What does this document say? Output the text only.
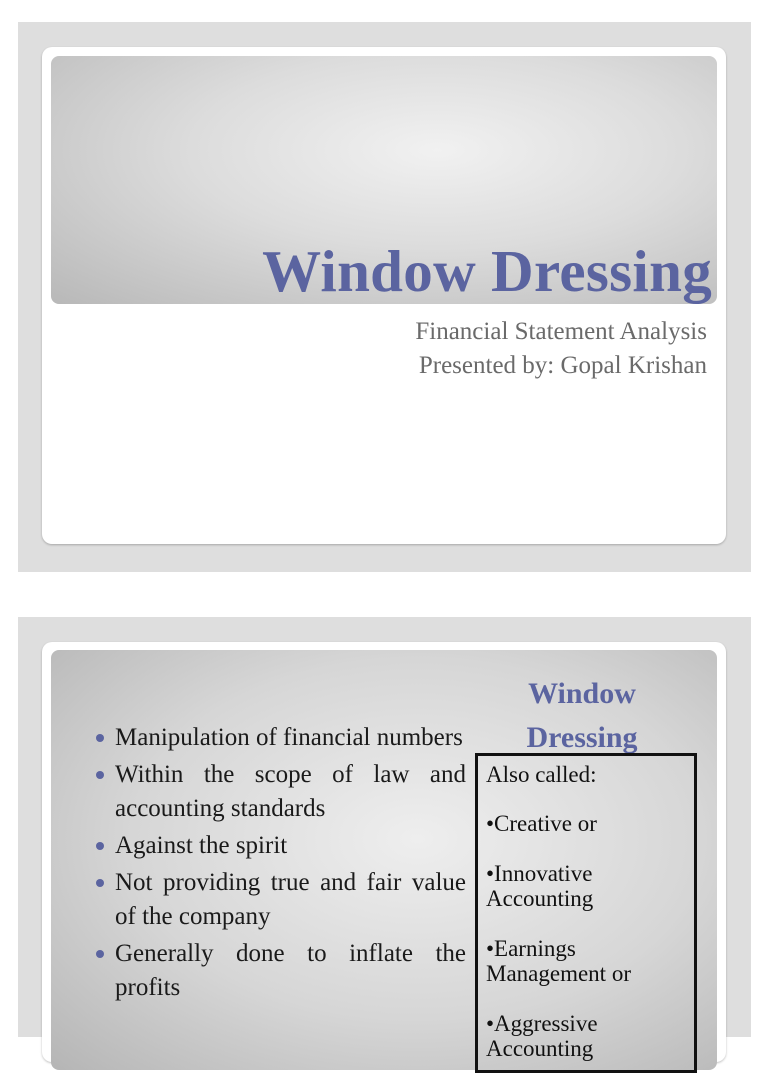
Window Dressing
Financial Statement Analysis
Presented by: Gopal Krishan
Window
Dressing
Manipulation of financial numbers
Within the scope of law and accounting standards
Against the spirit
Not providing true and fair value of the company
Generally done to inflate the profits
Also called:
•Creative or
•Innovative Accounting
•Earnings Management or
•Aggressive Accounting
